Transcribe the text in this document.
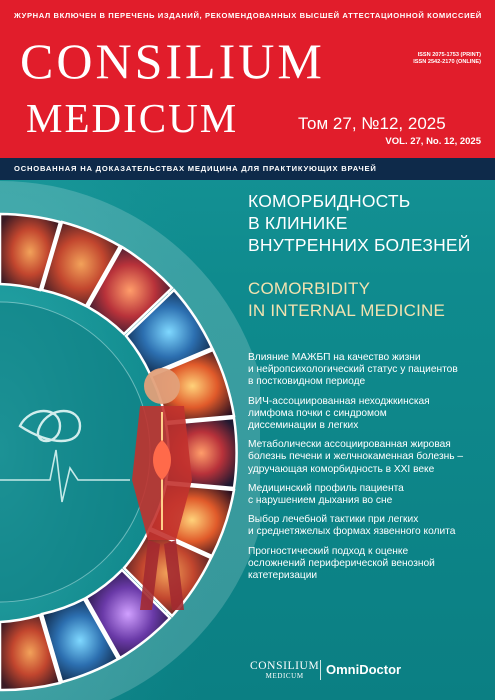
ЖУРНАЛ ВКЛЮЧЕН В ПЕРЕЧЕНЬ ИЗДАНИЙ, РЕКОМЕНДОВАННЫХ ВЫСШЕЙ АТТЕСТАЦИОННОЙ КОМИССИЕЙ
CONSILIUM
MEDICUM
ISSN 2075-1753 (PRINT)
ISSN 2542-2170 (ONLINE)
Том 27, №12, 2025
VOL. 27, No. 12, 2025
ОСНОВАННАЯ НА ДОКАЗАТЕЛЬСТВАХ МЕДИЦИНА ДЛЯ ПРАКТИКУЮЩИХ ВРАЧЕЙ
КОМОРБИДНОСТЬ
В КЛИНИКЕ
ВНУТРЕННИХ БОЛЕЗНЕЙ
COMORBIDITY
IN INTERNAL MEDICINE
Влияние МАЖБП на качество жизни
и нейропсихологический статус у пациентов
в постковидном периоде
ВИЧ-ассоциированная неходжкинская
лимфома почки с синдромом
диссеминации в легких
Метаболически ассоциированная жировая
болезнь печени и желчнокаменная болезнь –
удручающая коморбидность в XXI веке
Медицинский профиль пациента
с нарушением дыхания во сне
Выбор лечебной тактики при легких
и среднетяжелых формах язвенного колита
Прогностический подход к оценке
осложнений периферической венозной
катетеризации
CONSILIUM
MEDICUM	OmniDoctor
